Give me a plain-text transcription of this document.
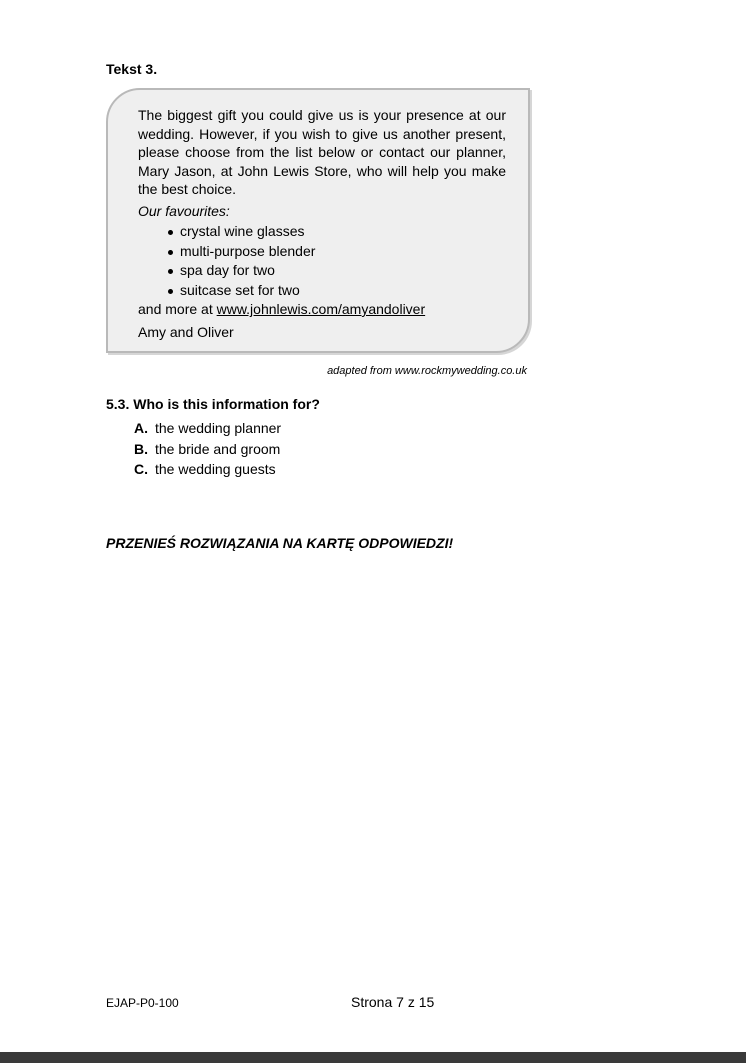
Tekst 3.

The biggest gift you could give us is your presence at our wedding. However, if you wish to give us another present, please choose from the list below or contact our planner, Mary Jason, at John Lewis Store, who will help you make the best choice.

Our favourites:

crystal wine glasses
multi-purpose blender
spa day for two
suitcase set for two

and more at www.johnlewis.com/amyandoliver

Amy and Oliver

adapted from www.rockmywedding.co.uk

5.3. Who is this information for?

A. the wedding planner
B. the bride and groom
C. the wedding guests

PRZENIEŚ ROZWIĄZANIA NA KARTĘ ODPOWIEDZI!

EJAP-P0-100	Strona 7 z 15
